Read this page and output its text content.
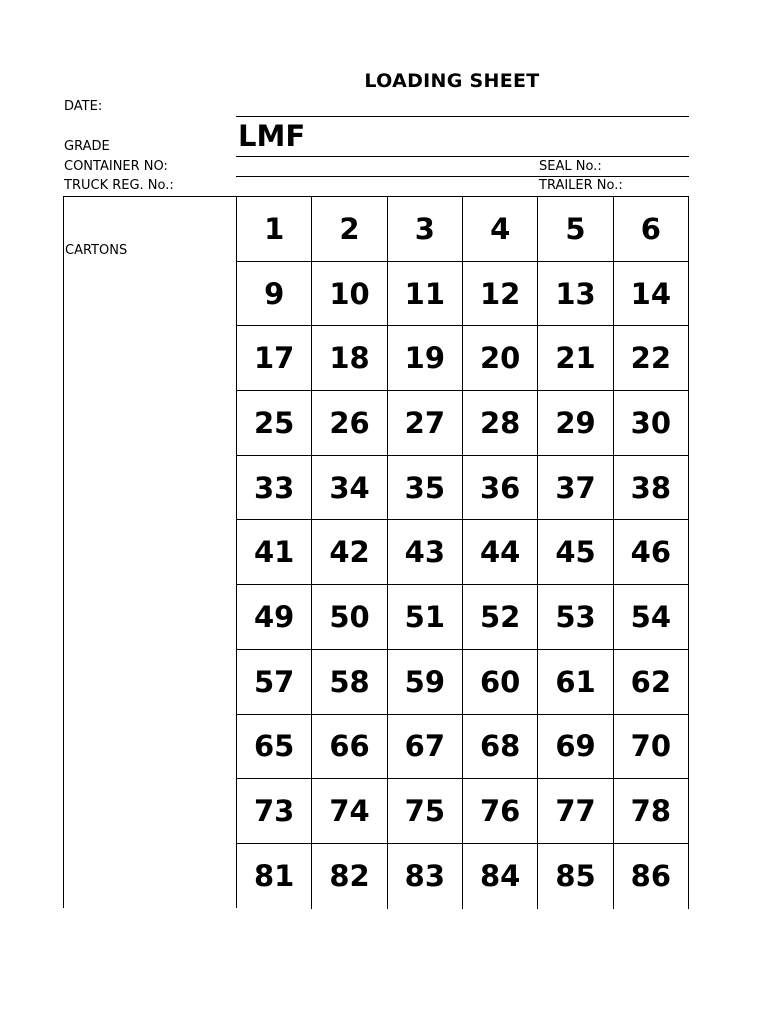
LOADING SHEET
DATE:
GRADE	LMF
CONTAINER NO:	SEAL No.:
TRUCK REG. No.:	TRAILER No.:
CARTONS
1	2	3	4	5	6
9	10	11	12	13	14
17	18	19	20	21	22
25	26	27	28	29	30
33	34	35	36	37	38
41	42	43	44	45	46
49	50	51	52	53	54
57	58	59	60	61	62
65	66	67	68	69	70
73	74	75	76	77	78
81	82	83	84	85	86
